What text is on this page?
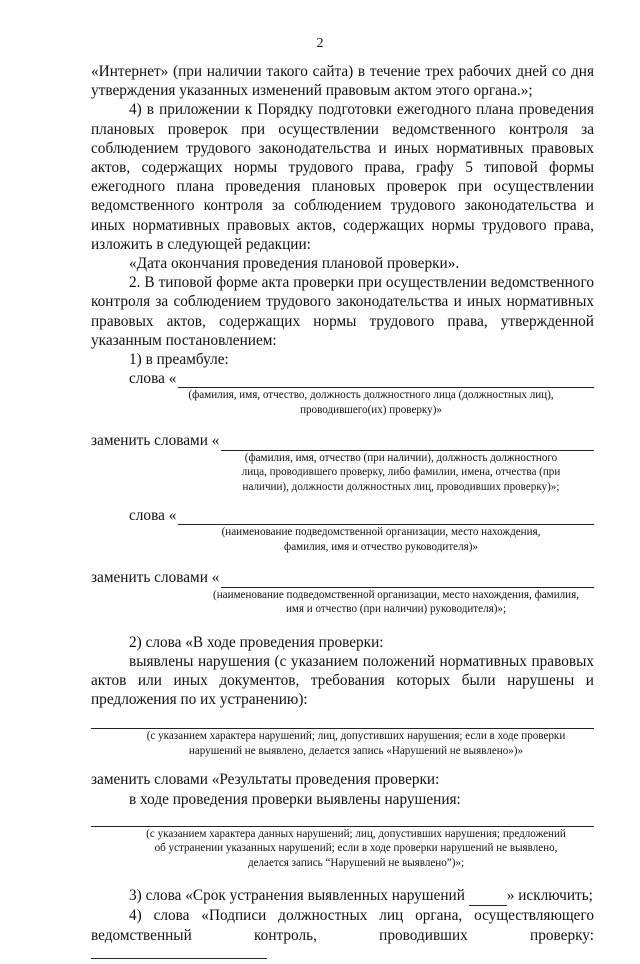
2

«Интернет» (при наличии такого сайта) в течение трех рабочих дней со дня утверждения указанных изменений правовым актом этого органа.»;

4) в приложении к Порядку подготовки ежегодного плана проведения плановых проверок при осуществлении ведомственного контроля за соблюдением трудового законодательства и иных нормативных правовых актов, содержащих нормы трудового права, графу 5 типовой формы ежегодного плана проведения плановых проверок при осуществлении ведомственного контроля за соблюдением трудового законодательства и иных нормативных правовых актов, содержащих нормы трудового права, изложить в следующей редакции:

«Дата окончания проведения плановой проверки».

2. В типовой форме акта проверки при осуществлении ведомственного контроля за соблюдением трудового законодательства и иных нормативных правовых актов, содержащих нормы трудового права, утвержденной указанным постановлением:

1) в преамбуле:

слова «
(фамилия, имя, отчество, должность должностного лица (должностных лиц), проводившего(их) проверку)»
заменить словами «
(фамилия, имя, отчество (при наличии), должность должностного лица, проводившего проверку, либо фамилии, имена, отчества (при наличии), должности должностных лиц, проводивших проверку)»;
слова «
(наименование подведомственной организации, место нахождения, фамилия, имя и отчество руководителя)»
заменить словами «
(наименование подведомственной организации, место нахождения, фамилия, имя и отчество (при наличии) руководителя)»;

2) слова «В ходе проведения проверки:

выявлены нарушения (с указанием положений нормативных правовых актов или иных документов, требования которых были нарушены и предложения по их устранению):

(с указанием характера нарушений; лиц, допустивших нарушения; если в ходе проверки нарушений не выявлено, делается запись «Нарушений не выявлено»)»

заменить словами «Результаты проведения проверки:

в ходе проведения проверки выявлены нарушения:

(с указанием характера данных нарушений; лиц, допустивших нарушения; предложений об устранении указанных нарушений; если в ходе проверки нарушений не выявлено, делается запись “Нарушений не выявлено”)»;

3) слова «Срок устранения выявленных нарушений  » исключить;

4) слова «Подписи должностных лиц органа, осуществляющего ведомственный контроль, проводивших проверку:
